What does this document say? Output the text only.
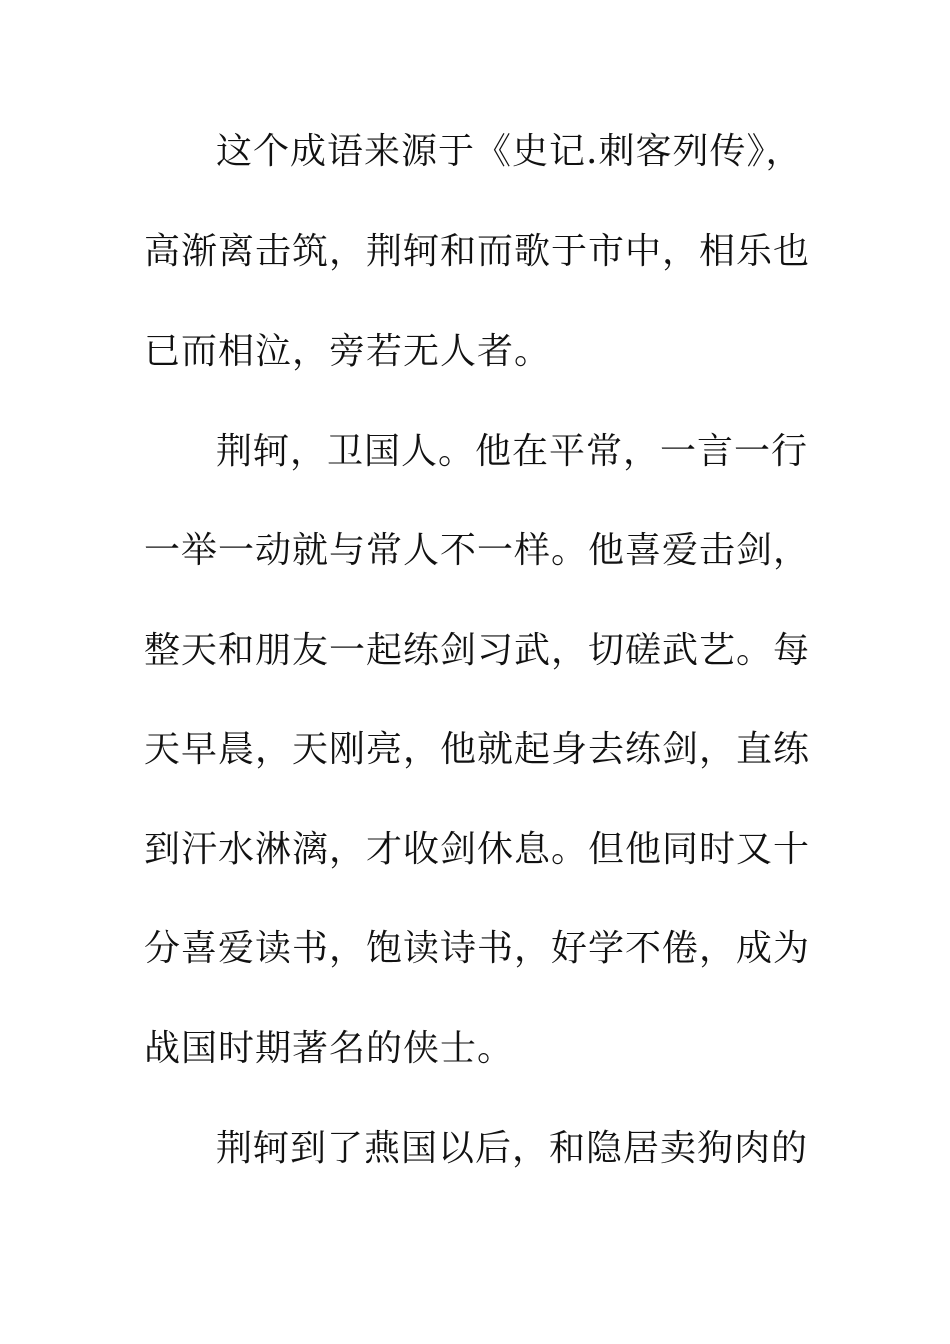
这个成语来源于《史记.刺客列传》，
高渐离击筑，荆轲和而歌于市中，相乐也
已而相泣，旁若无人者。
荆轲，卫国人。他在平常，一言一行
一举一动就与常人不一样。他喜爱击剑，
整天和朋友一起练剑习武，切磋武艺。每
天早晨，天刚亮，他就起身去练剑，直练
到汗水淋漓，才收剑休息。但他同时又十
分喜爱读书，饱读诗书，好学不倦，成为
战国时期著名的侠士。
荆轲到了燕国以后，和隐居卖狗肉的
